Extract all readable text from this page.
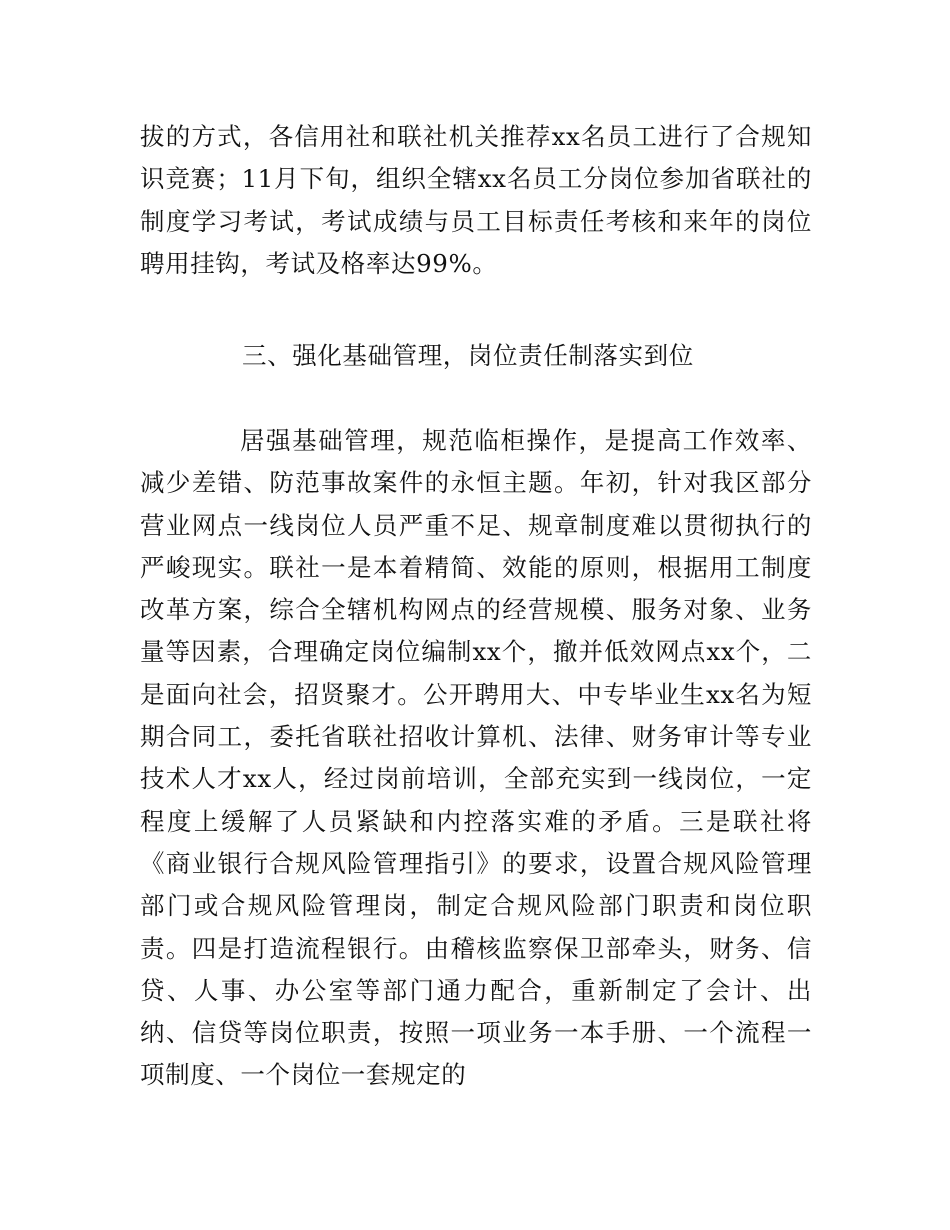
拔的方式，各信用社和联社机关推荐xx名员工进行了合规知识竞赛；11月下旬，组织全辖xx名员工分岗位参加省联社的制度学习考试，考试成绩与员工目标责任考核和来年的岗位聘用挂钩，考试及格率达99%。

三、强化基础管理，岗位责任制落实到位

居强基础管理，规范临柜操作，是提高工作效率、减少差错、防范事故案件的永恒主题。年初，针对我区部分营业网点一线岗位人员严重不足、规章制度难以贯彻执行的严峻现实。联社一是本着精简、效能的原则，根据用工制度改革方案，综合全辖机构网点的经营规模、服务对象、业务量等因素，合理确定岗位编制xx个，撤并低效网点xx个，二是面向社会，招贤聚才。公开聘用大、中专毕业生xx名为短期合同工，委托省联社招收计算机、法律、财务审计等专业技术人才xx人，经过岗前培训，全部充实到一线岗位，一定程度上缓解了人员紧缺和内控落实难的矛盾。三是联社将《商业银行合规风险管理指引》的要求，设置合规风险管理部门或合规风险管理岗，制定合规风险部门职责和岗位职责。四是打造流程银行。由稽核监察保卫部牵头，财务、信贷、人事、办公室等部门通力配合，重新制定了会计、出纳、信贷等岗位职责，按照一项业务一本手册、一个流程一项制度、一个岗位一套规定的
